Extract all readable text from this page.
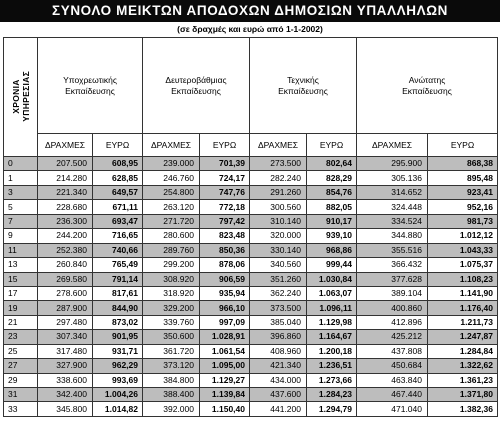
ΣΥΝΟΛΟ ΜΕΙΚΤΩΝ ΑΠΟΔΟΧΩΝ ΔΗΜΟΣΙΩΝ ΥΠΑΛΛΗΛΩΝ
(σε δραχμές και ευρώ από 1-1-2002)
ΧΡΟΝΙΑ
ΥΠΗΡΕΣΙΑΣ	Υποχρεωτικής
Εκπαίδευσης		Δευτεροβάθμιας
Εκπαίδευσης		Τεχνικής
Εκπαίδευσης		Ανώτατης
Εκπαίδευσης	
	ΔΡΑΧΜΕΣ	ΕΥΡΩ	ΔΡΑΧΜΕΣ	ΕΥΡΩ	ΔΡΑΧΜΕΣ	ΕΥΡΩ	ΔΡΑΧΜΕΣ	ΕΥΡΩ
0	207.500	608,95	239.000	701,39	273.500	802,64	295.900	868,38
1	214.280	628,85	246.760	724,17	282.240	828,29	305.136	895,48
3	221.340	649,57	254.800	747,76	291.260	854,76	314.652	923,41
5	228.680	671,11	263.120	772,18	300.560	882,05	324.448	952,16
7	236.300	693,47	271.720	797,42	310.140	910,17	334.524	981,73
9	244.200	716,65	280.600	823,48	320.000	939,10	344.880	1.012,12
11	252.380	740,66	289.760	850,36	330.140	968,86	355.516	1.043,33
13	260.840	765,49	299.200	878,06	340.560	999,44	366.432	1.075,37
15	269.580	791,14	308.920	906,59	351.260	1.030,84	377.628	1.108,23
17	278.600	817,61	318.920	935,94	362.240	1.063,07	389.104	1.141,90
19	287.900	844,90	329.200	966,10	373.500	1.096,11	400.860	1.176,40
21	297.480	873,02	339.760	997,09	385.040	1.129,98	412.896	1.211,73
23	307.340	901,95	350.600	1.028,91	396.860	1.164,67	425.212	1.247,87
25	317.480	931,71	361.720	1.061,54	408.960	1.200,18	437.808	1.284,84
27	327.900	962,29	373.120	1.095,00	421.340	1.236,51	450.684	1.322,62
29	338.600	993,69	384.800	1.129,27	434.000	1.273,66	463.840	1.361,23
31	342.400	1.004,26	388.400	1.139,84	437.600	1.284,23	467.440	1.371,80
33	345.800	1.014,82	392.000	1.150,40	441.200	1.294,79	471.040	1.382,36
